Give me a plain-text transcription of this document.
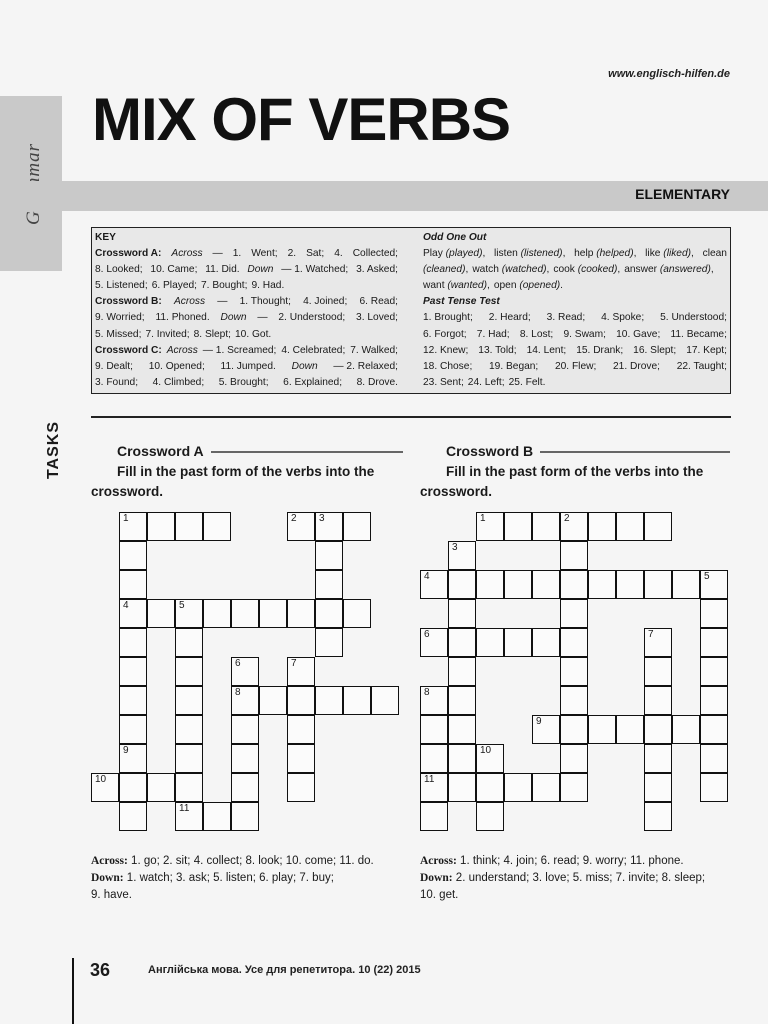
www.englisch-hilfen.de
MIX OF VERBS
ELEMENTARY
KEY
Crossword A: Across — 1. Went; 2. Sat; 4. Collected;
8. Looked; 10. Came; 11. Did. Down — 1. Watched; 3. Asked;
5. Listened; 6. Played; 7. Bought; 9. Had.
Crossword B: Across — 1. Thought; 4. Joined; 6. Read;
9. Worried; 11. Phoned. Down — 2. Understood; 3. Loved;
5. Missed; 7. Invited; 8. Slept; 10. Got.
Crossword C: Across — 1. Screamed; 4. Celebrated; 7. Walked;
9. Dealt; 10. Opened; 11. Jumped. Down — 2. Relaxed;
3. Found; 4. Climbed; 5. Brought; 6. Explained; 8. Drove.
Odd One Out
Play (played), listen (listened), help (helped), like (liked), clean
(cleaned), watch (watched), cook (cooked), answer (answered),
want (wanted), open (opened).
Past Tense Test
1. Brought; 2. Heard; 3. Read; 4. Spoke; 5. Understood;
6. Forgot; 7. Had; 8. Lost; 9. Swam; 10. Gave; 11. Became;
12. Knew; 13. Told; 14. Lent; 15. Drank; 16. Slept; 17. Kept;
18. Chose; 19. Began; 20. Flew; 21. Drove; 22. Taught;
23. Sent; 24. Left; 25. Felt.
TASKS	Crossword A
Fill in the past form of the verbs into the crossword.
Crossword B
Fill in the past form of the verbs into the crossword.
1	2 3
4
9
5
11
6
8
7
10
1	2
3
4	5
6	7
8
11
9
10
Across: 1. go; 2. sit; 4. collect; 8. look; 10. come; 11. do.
Down: 1. watch; 3. ask; 5. listen; 6. play; 7. buy;
9. have.
Across: 1. think; 4. join; 6. read; 9. worry; 11. phone.
Down: 2. understand; 3. love; 5. miss; 7. invite; 8. sleep;
10. get.
36	Англійська мова. Усе для репетитора. 10 (22) 2015
